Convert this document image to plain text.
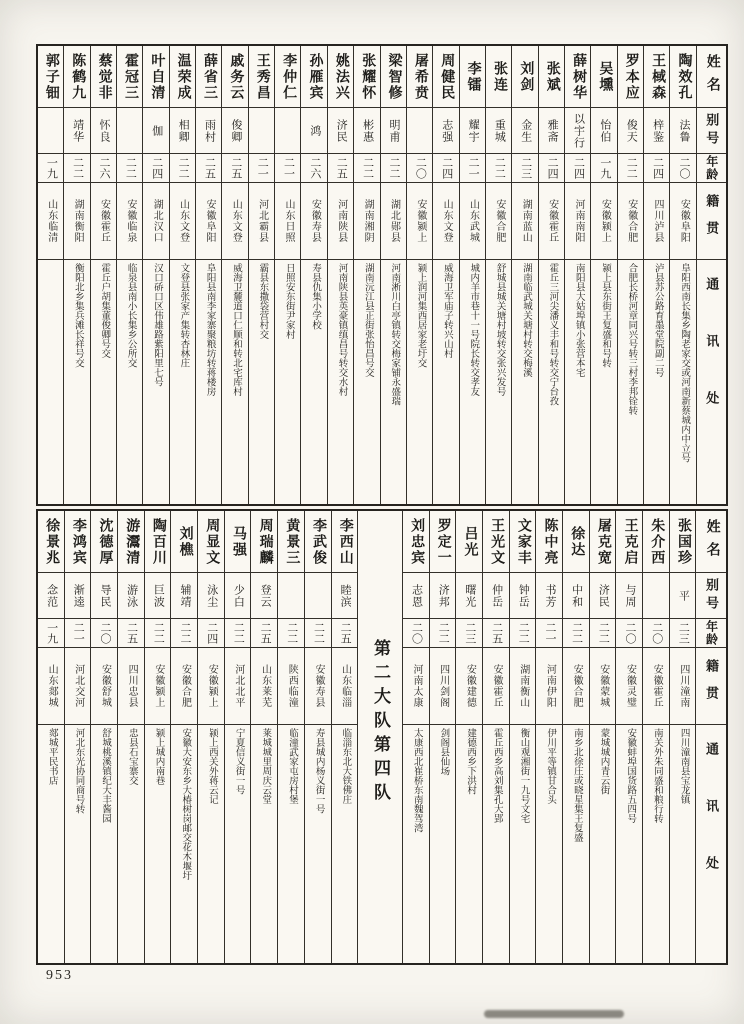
姓名
别号
年龄
籍贯
通讯处
陶效孔
法鲁
二〇
安徽阜阳
阜阳西南长集乡陶老家交或河南新蔡城内中立号
王棫森
梓鉴
二四
四川泸县
泸县苏公路育墨堂院副二号
罗本应
俊天
二二
安徽合肥
合肥长桥河章同兴号转三村李邦铨转
吴壎
怡伯
一九
安徽颍上
颍上县东街王复盛和号转
薛树华
以宇行
二四
河南南阳
南阳县大姑埠镇小张营本宅
张斌
雅斋
二四
安徽霍丘
霍丘三河尖潘义丰和号转交宁台孜
刘剑
金生
二三
湖南蓝山
湖南临武城关塘村转交梅溪
张连
重城
二二
安徽合肥
舒城县城关塘村坡转交张兴发号
李镭
耀宇
二一
山东武城
城内羊市巷十一号院长转交孝友
周健民
志强
二四
山东文登
威海卫军庙子转兴山村
屠希贲
二〇
安徽颍上
颍上润河集西居家老圩交
梁智修
明甫
二二
湖北郧县
河南淅川白亭镇转交梅家铺永盛瑞
张耀怀
彬惠
二二
湖南湘阴
湖南沅江县正街张怡昌号交
姚法兴
济民
二五
河南陕县
河南陕县英豪镇缜昌号转交水村
孙雁宾
鸿
二六
安徽寿县
寿县仇集小学校
李仲仁
二一
山东日照
日照安东街尹家村
王秀昌
二一
河北霸县
霸县东撒袋营村交
戚务云
俊卿
二五
山东文登
威海卫麓道口仁顺和转北宅库村
薛省三
雨村
二五
安徽阜阳
阜阳县南李家寨聚粮坊转蒋楼房
温荣成
相卿
二二
山东文登
文登县张家产集转杏林庄
叶自清
伽
二四
湖北汉口
汉口硚口区伟雄路紫阳里七号
霍冠三
二二
安徽临泉
临泉县南小长集乡公所交
蔡觉非
怀良
二六
安徽霍丘
霍丘户胡集董俊卿号交
陈鹤九
靖华
二二
湖南衡阳
衡阳北乡集兵滩长祥号交
郭子钿
一九
山东临清
姓名
别号
年龄
籍贯
通讯处
张国珍
平
二三
四川潼南
四川潼南县宝龙镇
朱介西
二〇
安徽霍丘
南关外朱同盛和粮行转
王克启
与周
二〇
安徽灵璧
安徽蚌埠国货路五四号
屠克宽
济民
二二
安徽蒙城
蒙城城内青云街
徐达
中和
二二
安徽合肥
南乡北徐庄或晓星集王复盛
陈中亮
书芳
二一
河南伊阳
伊川平等镇甘合头
文家丰
钟岳
二二
湖南衡山
衡山观湘街一九号文宅
王光文
仲岳
二五
安徽霍丘
霍丘西乡高刘集孔大郢
吕光
曙光
二三
安徽建德
建德西乡下洪村
罗定一
济邦
二二
四川剑阁
剑阁县仙场
刘忠宾
志恩
二〇
河南太康
太康西北崔桥东南魏驾湾
第二大队第四队
李西山
睦滨
二五
山东临淄
临淄东北大铁佛庄
李武俊
二二
安徽寿县
寿县城内杨义街一号
黄景三
二二
陕西临潼
临潼武家屯房村堡
周瑞麟
登云
二五
山东莱芜
莱城城里周庆云堂
马强
少白
二二
河北北平
宁夏信义街一号
周显文
泳尘
二四
安徽颍上
颍上西关外蒋云记
刘樵
辅靖
二二
安徽合肥
安徽大安东乡大椿树岗邮交花木堰圩
陶百川
巨波
二二
安徽颍上
颍上城内南巷
游灊清
游泳
二五
四川忠县
忠县石宝寨交
沈德厚
导民
二〇
安徽舒城
舒城桃溪镇纪大丰酱园
李鸿宾
渐逵
二一
河北交河
河北东光协同商号转
徐景兆
念范
一九
山东郯城
郯城平民书店
953
